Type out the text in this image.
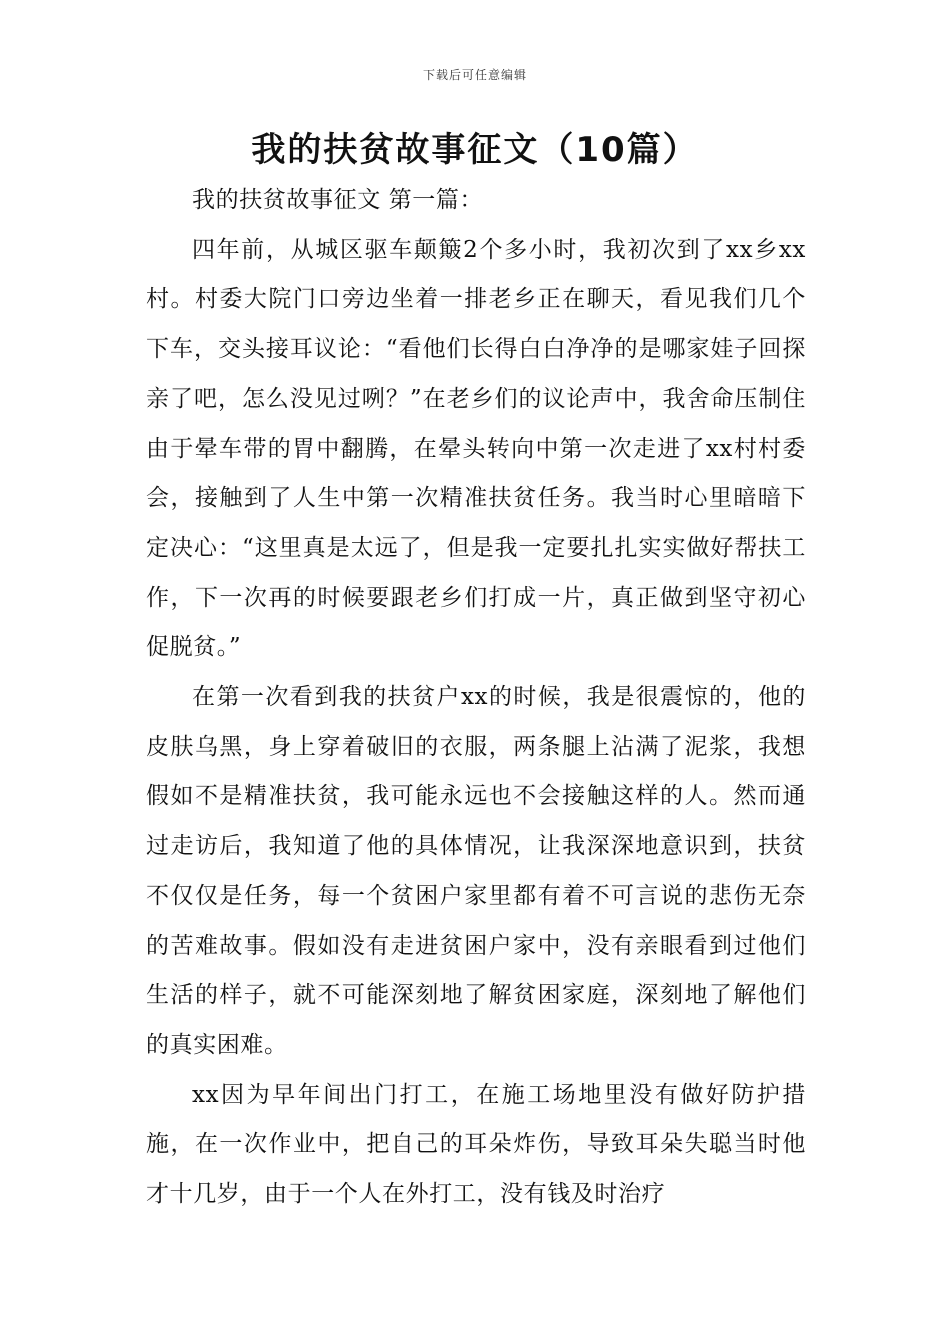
下载后可任意编辑
我的扶贫故事征文（10篇）

我的扶贫故事征文 第一篇：

四年前，从城区驱车颠簸2个多小时，我初次到了xx乡xx村。村委大院门口旁边坐着一排老乡正在聊天，看见我们几个下车，交头接耳议论：“看他们长得白白净净的是哪家娃子回探亲了吧，怎么没见过咧？”在老乡们的议论声中，我舍命压制住由于晕车带的胃中翻腾，在晕头转向中第一次走进了xx村村委会，接触到了人生中第一次精准扶贫任务。我当时心里暗暗下定决心：“这里真是太远了，但是我一定要扎扎实实做好帮扶工作，下一次再的时候要跟老乡们打成一片，真正做到坚守初心促脱贫。”

在第一次看到我的扶贫户xx的时候，我是很震惊的，他的皮肤乌黑，身上穿着破旧的衣服，两条腿上沾满了泥浆，我想假如不是精准扶贫，我可能永远也不会接触这样的人。然而通过走访后，我知道了他的具体情况，让我深深地意识到，扶贫不仅仅是任务，每一个贫困户家里都有着不可言说的悲伤无奈的苦难故事。假如没有走进贫困户家中，没有亲眼看到过他们生活的样子，就不可能深刻地了解贫困家庭，深刻地了解他们的真实困难。

xx因为早年间出门打工，在施工场地里没有做好防护措施，在一次作业中，把自己的耳朵炸伤，导致耳朵失聪当时他才十几岁，由于一个人在外打工，没有钱及时治疗
